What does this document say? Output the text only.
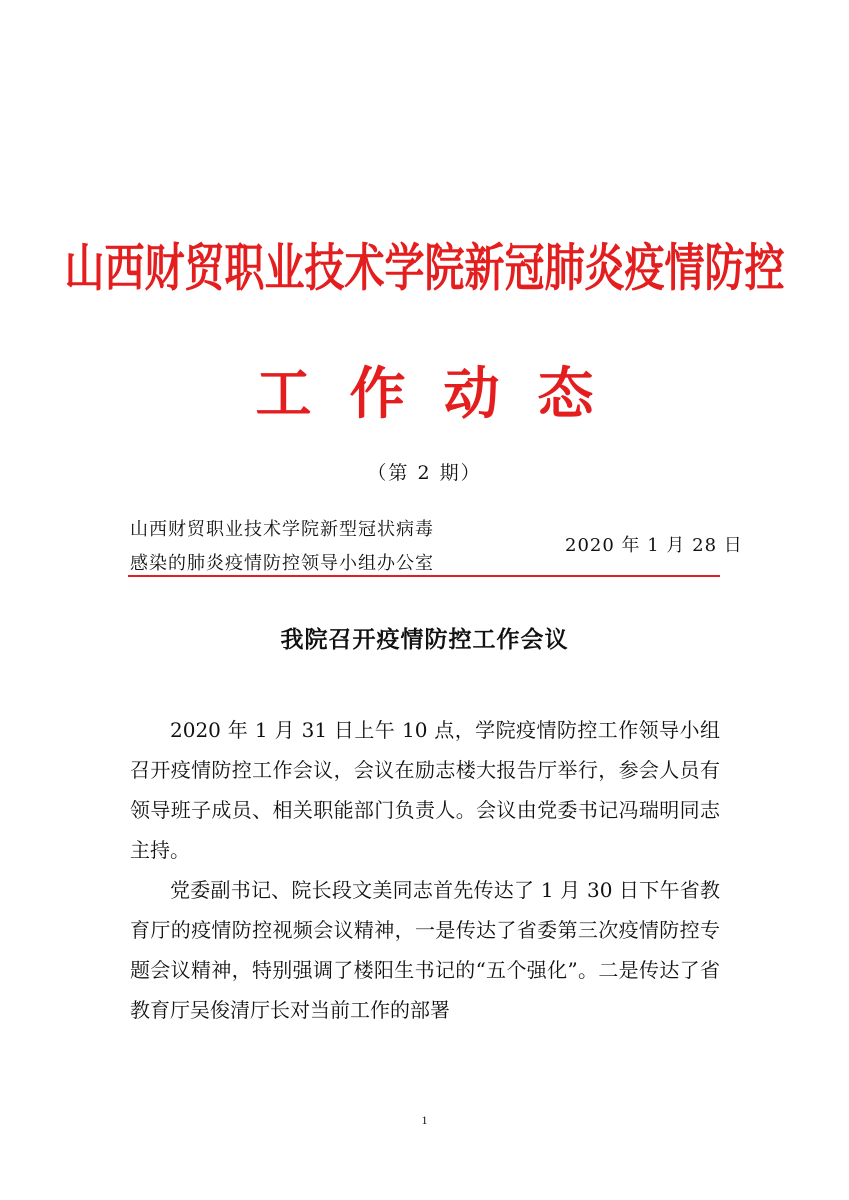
山西财贸职业技术学院新冠肺炎疫情防控
工作动态
（第 2 期）
山西财贸职业技术学院新型冠状病毒
感染的肺炎疫情防控领导小组办公室
2020 年 1 月 28 日
我院召开疫情防控工作会议

2020 年 1 月 31 日上午 10 点，学院疫情防控工作领导小组召开疫情防控工作会议，会议在励志楼大报告厅举行，参会人员有领导班子成员、相关职能部门负责人。会议由党委书记冯瑞明同志主持。

党委副书记、院长段文美同志首先传达了 1 月 30 日下午省教育厅的疫情防控视频会议精神，一是传达了省委第三次疫情防控专题会议精神，特别强调了楼阳生书记的“五个强化”。二是传达了省教育厅吴俊清厅长对当前工作的部署

1
